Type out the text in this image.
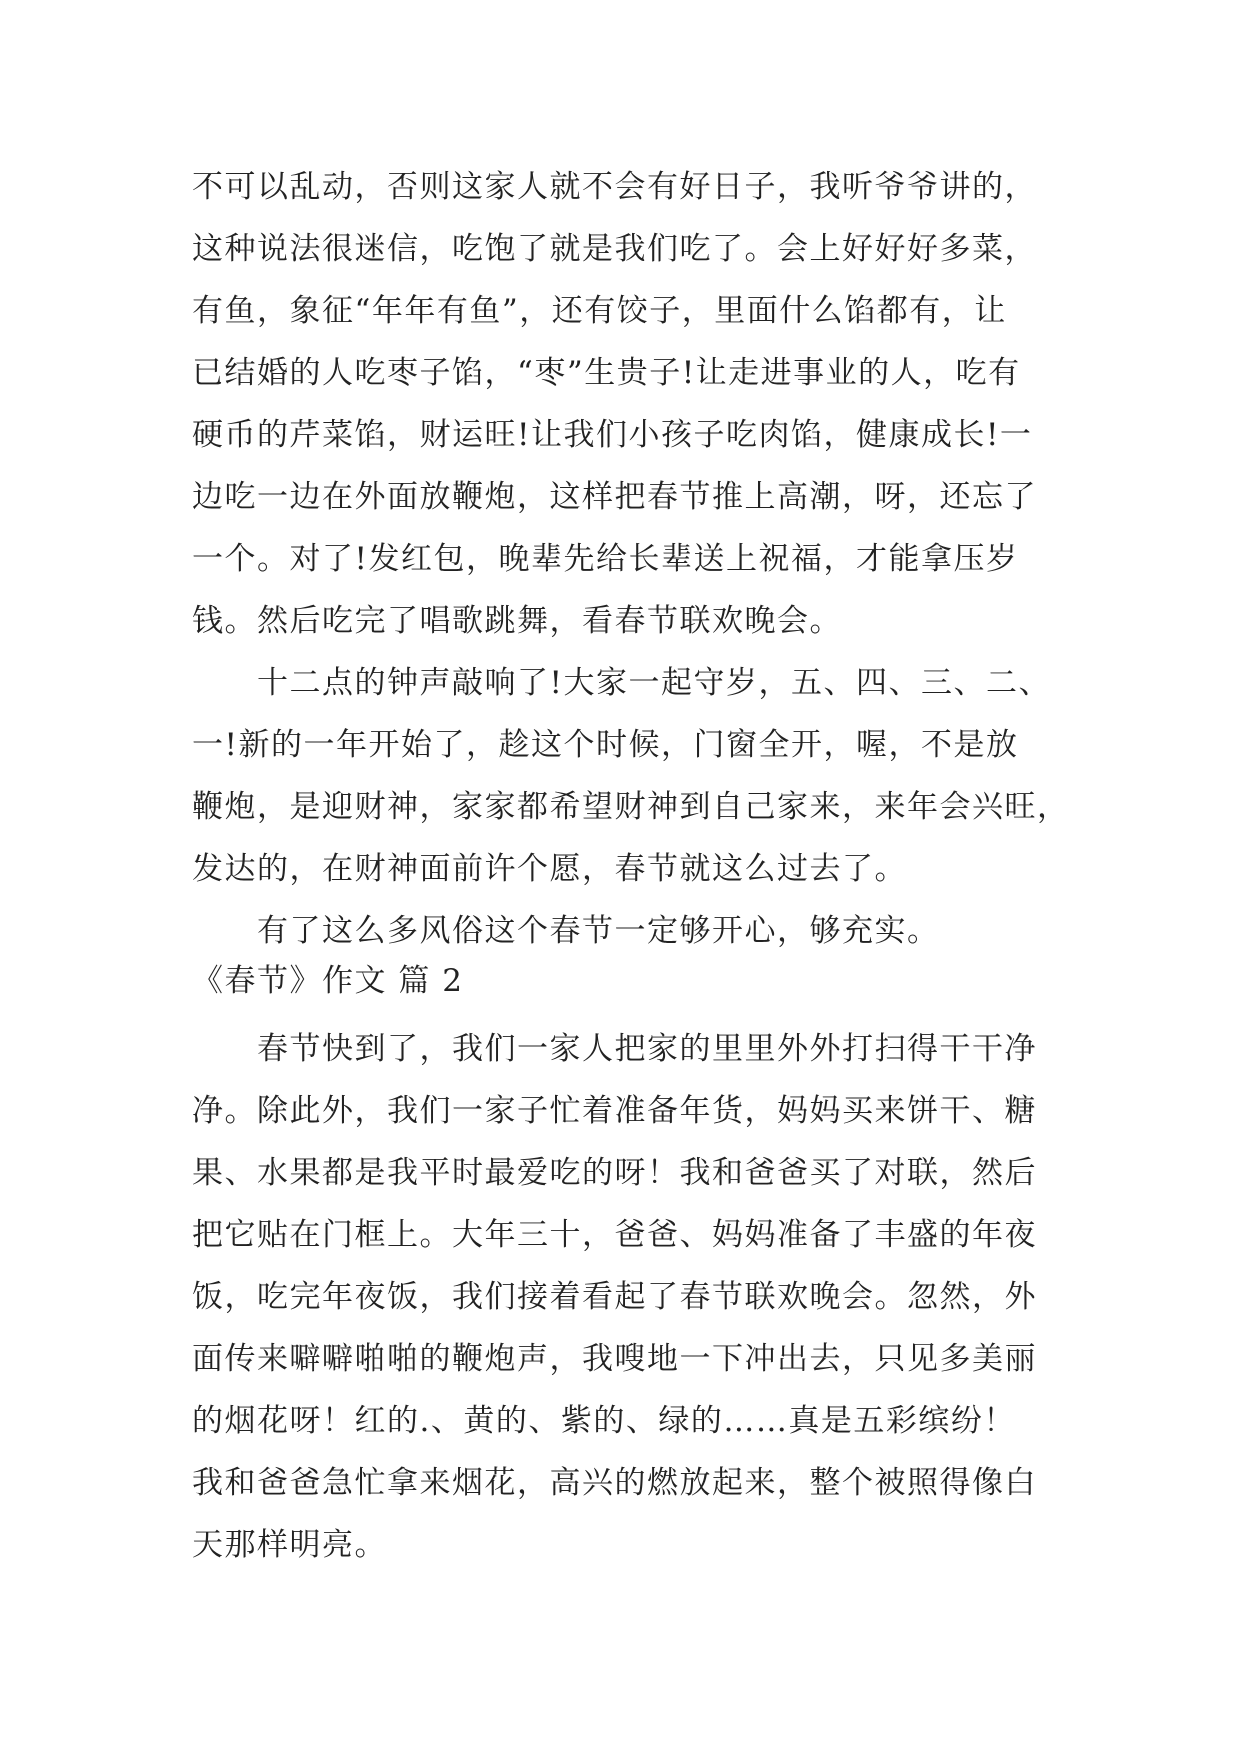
不可以乱动，否则这家人就不会有好日子，我听爷爷讲的，
这种说法很迷信，吃饱了就是我们吃了。会上好好好多菜，
有鱼，象征“年年有鱼”，还有饺子，里面什么馅都有，让
已结婚的人吃枣子馅，“枣”生贵子!让走进事业的人，吃有
硬币的芹菜馅，财运旺!让我们小孩子吃肉馅，健康成长!一
边吃一边在外面放鞭炮，这样把春节推上高潮，呀，还忘了
一个。对了!发红包，晚辈先给长辈送上祝福，才能拿压岁
钱。然后吃完了唱歌跳舞，看春节联欢晚会。
　　十二点的钟声敲响了!大家一起守岁，五、四、三、二、
一!新的一年开始了，趁这个时候，门窗全开，喔，不是放
鞭炮，是迎财神，家家都希望财神到自己家来，来年会兴旺，
发达的，在财神面前许个愿，春节就这么过去了。
　　有了这么多风俗这个春节一定够开心，够充实。
《春节》作文 篇 2
　　春节快到了，我们一家人把家的里里外外打扫得干干净
净。除此外，我们一家子忙着准备年货，妈妈买来饼干、糖
果、水果都是我平时最爱吃的呀！我和爸爸买了对联，然后
把它贴在门框上。大年三十，爸爸、妈妈准备了丰盛的年夜
饭，吃完年夜饭，我们接着看起了春节联欢晚会。忽然，外
面传来噼噼啪啪的鞭炮声，我嗖地一下冲出去，只见多美丽
的烟花呀！红的.、黄的、紫的、绿的……真是五彩缤纷！
我和爸爸急忙拿来烟花，高兴的燃放起来，整个被照得像白
天那样明亮。
